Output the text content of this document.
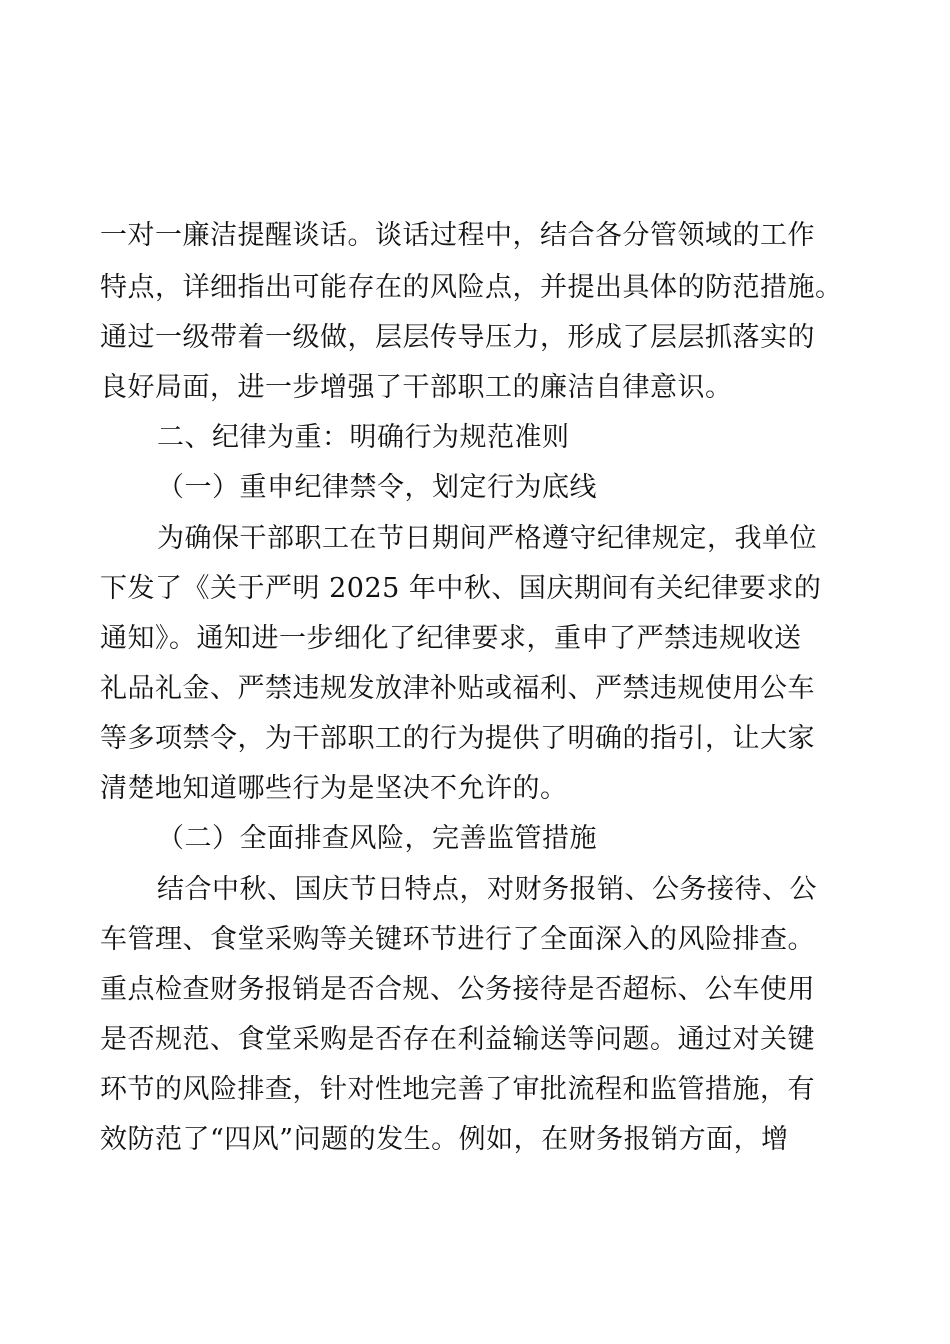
一对一廉洁提醒谈话。谈话过程中，结合各分管领域的工作
特点，详细指出可能存在的风险点，并提出具体的防范措施。
通过一级带着一级做，层层传导压力，形成了层层抓落实的
良好局面，进一步增强了干部职工的廉洁自律意识。
二、纪律为重：明确行为规范准则
（一）重申纪律禁令，划定行为底线
为确保干部职工在节日期间严格遵守纪律规定，我单位
下发了《关于严明 2025 年中秋、国庆期间有关纪律要求的
通知》。通知进一步细化了纪律要求，重申了严禁违规收送
礼品礼金、严禁违规发放津补贴或福利、严禁违规使用公车
等多项禁令，为干部职工的行为提供了明确的指引，让大家
清楚地知道哪些行为是坚决不允许的。
（二）全面排查风险，完善监管措施
结合中秋、国庆节日特点，对财务报销、公务接待、公
车管理、食堂采购等关键环节进行了全面深入的风险排查。
重点检查财务报销是否合规、公务接待是否超标、公车使用
是否规范、食堂采购是否存在利益输送等问题。通过对关键
环节的风险排查，针对性地完善了审批流程和监管措施，有
效防范了“四风”问题的发生。例如，在财务报销方面，增
